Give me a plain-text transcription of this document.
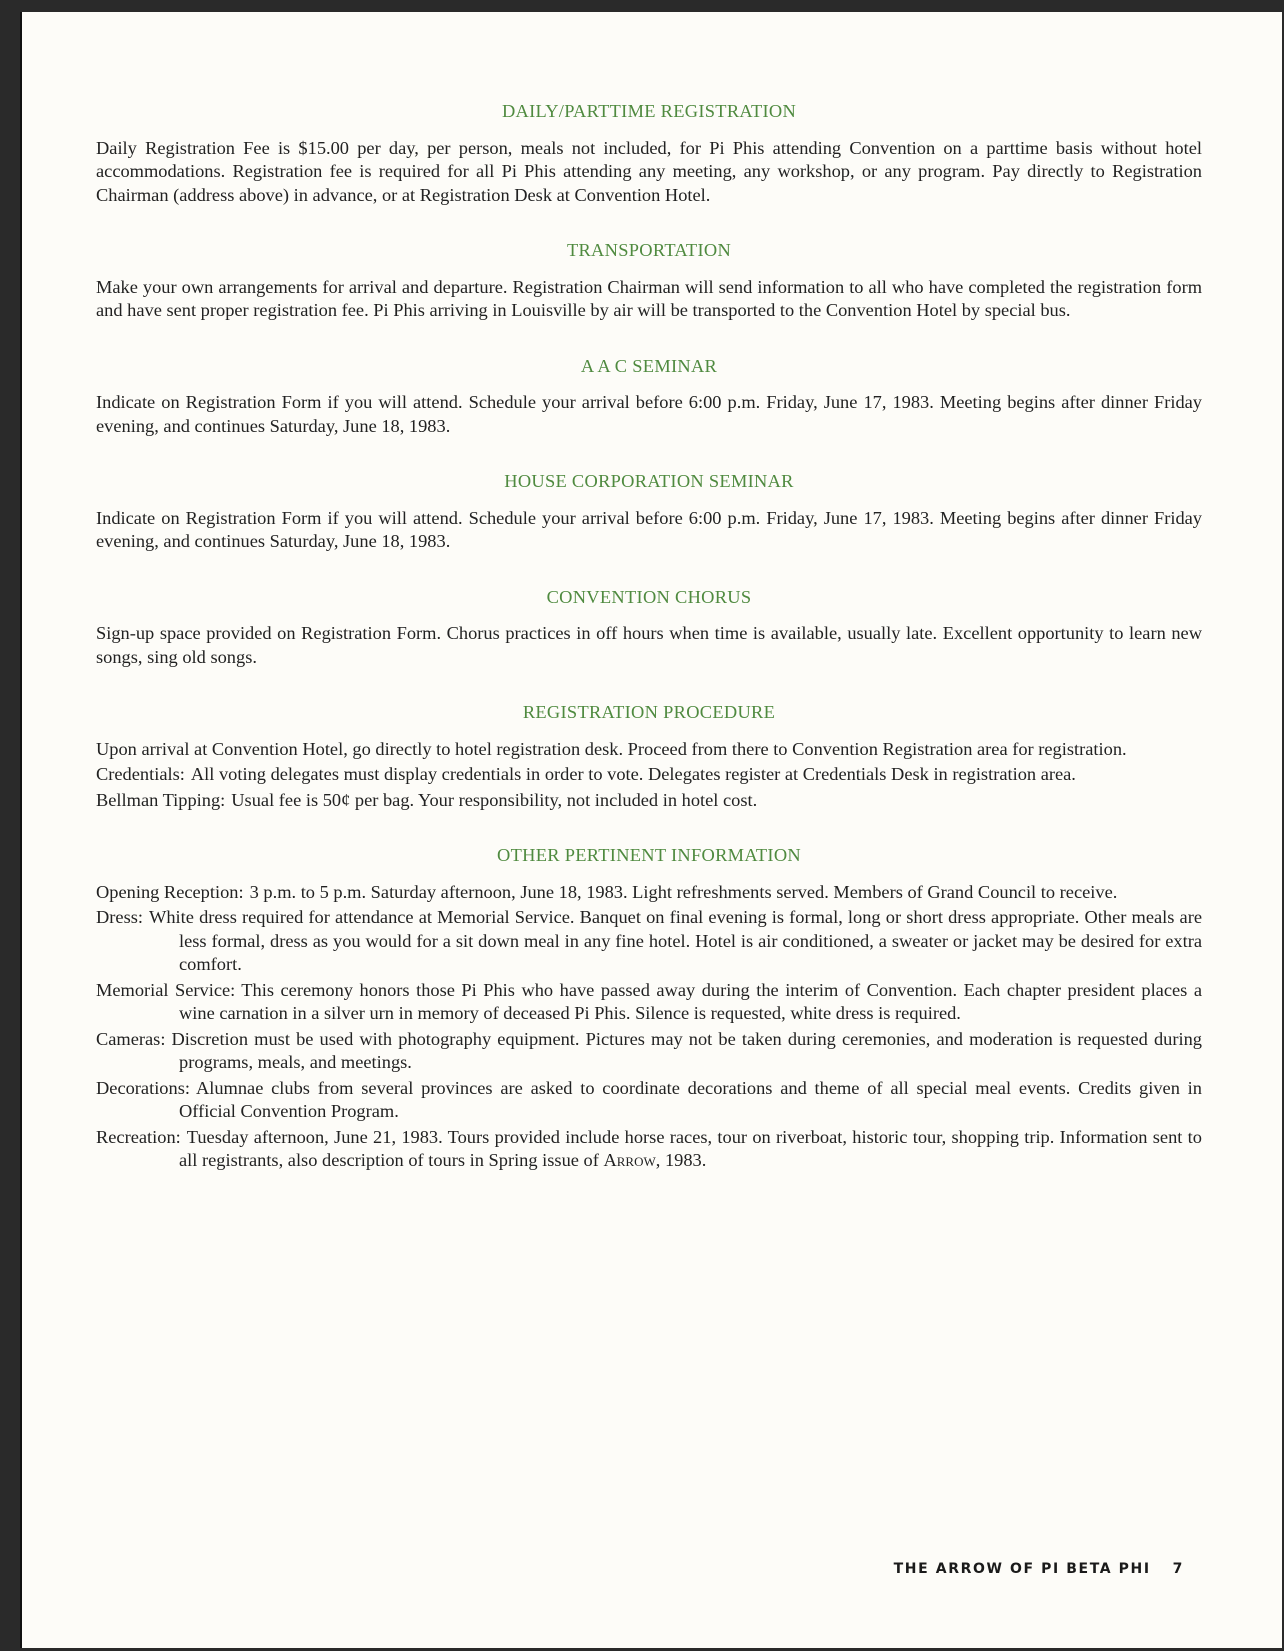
DAILY/PARTTIME REGISTRATION

Daily Registration Fee is $15.00 per day, per person, meals not included, for Pi Phis attending Convention on a parttime basis without hotel accommodations. Registration fee is required for all Pi Phis attending any meeting, any workshop, or any program. Pay directly to Registration Chairman (address above) in advance, or at Registration Desk at Convention Hotel.

TRANSPORTATION

Make your own arrangements for arrival and departure. Registration Chairman will send information to all who have completed the registration form and have sent proper registration fee. Pi Phis arriving in Louisville by air will be transported to the Convention Hotel by special bus.

A A C SEMINAR

Indicate on Registration Form if you will attend. Schedule your arrival before 6:00 p.m. Friday, June 17, 1983. Meeting begins after dinner Friday evening, and continues Saturday, June 18, 1983.

HOUSE CORPORATION SEMINAR

Indicate on Registration Form if you will attend. Schedule your arrival before 6:00 p.m. Friday, June 17, 1983. Meeting begins after dinner Friday evening, and continues Saturday, June 18, 1983.

CONVENTION CHORUS

Sign-up space provided on Registration Form. Chorus practices in off hours when time is available, usually late. Excellent opportunity to learn new songs, sing old songs.

REGISTRATION PROCEDURE

Upon arrival at Convention Hotel, go directly to hotel registration desk. Proceed from there to Convention Registration area for registration.

Credentials: All voting delegates must display credentials in order to vote. Delegates register at Credentials Desk in registration area.
Bellman Tipping: Usual fee is 50¢ per bag. Your responsibility, not included in hotel cost.
OTHER PERTINENT INFORMATION
Opening Reception: 3 p.m. to 5 p.m. Saturday afternoon, June 18, 1983. Light refreshments served. Members of Grand Council to receive.
Dress: White dress required for attendance at Memorial Service. Banquet on final evening is formal, long or short dress appropriate. Other meals are less formal, dress as you would for a sit down meal in any fine hotel. Hotel is air conditioned, a sweater or jacket may be desired for extra comfort.
Memorial Service: This ceremony honors those Pi Phis who have passed away during the interim of Convention. Each chapter president places a wine carnation in a silver urn in memory of deceased Pi Phis. Silence is requested, white dress is required.
Cameras: Discretion must be used with photography equipment. Pictures may not be taken during ceremonies, and moderation is requested during programs, meals, and meetings.
Decorations: Alumnae clubs from several provinces are asked to coordinate decorations and theme of all special meal events. Credits given in Official Convention Program.
Recreation: Tuesday afternoon, June 21, 1983. Tours provided include horse races, tour on riverboat, historic tour, shopping trip. Information sent to all registrants, also description of tours in Spring issue of Arrow, 1983.
THE ARROW OF PI BETA PHI 7
